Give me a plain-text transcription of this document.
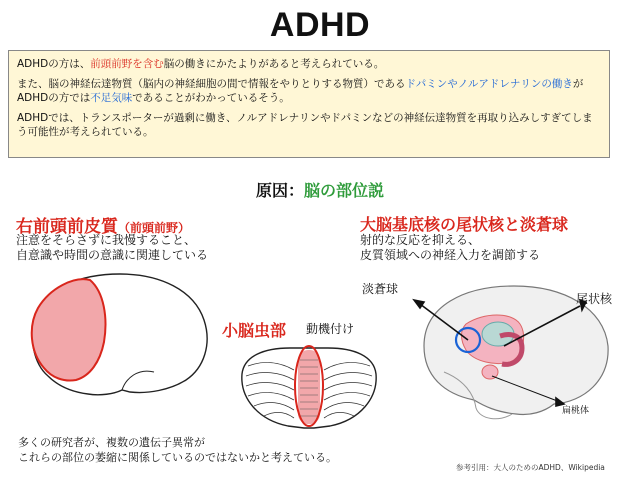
ADHD

ADHDの方は、前頭前野を含む脳の働きにかたよりがあると考えられている。

また、脳の神経伝達物質（脳内の神経細胞の間で情報をやりとりする物質）であるドパミンやノルアドレナリンの働きがADHDの方では不足気味であることがわかっているそう。

ADHDでは、トランスポーターが過剰に働き、ノルアドレナリンやドパミンなどの神経伝達物質を再取り込みしすぎてしまう可能性が考えられている。

原因：脳の部位説
右前頭前皮質（前頭前野）
注意をそらさずに我慢すること、
自意識や時間の意識に関連している
大脳基底核の尾状核と淡蒼球
射的な反応を抑える、
皮質領域への神経入力を調節する
小脳虫部 動機付け
淡蒼球
尾状核
扁桃体
多くの研究者が、複数の遺伝子異常が
これらの部位の萎縮に関係しているのではないかと考えている。
参考引用：大人のためのADHD、Wikipedia
